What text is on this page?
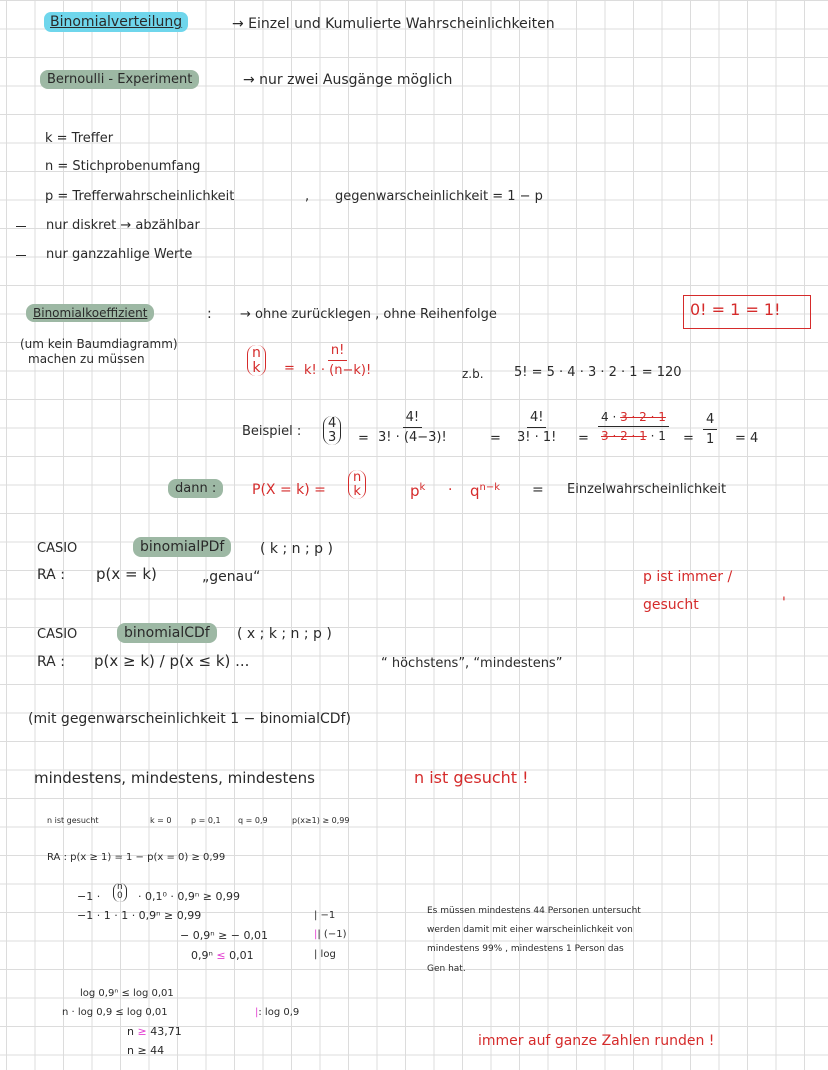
Binomialverteilung	→ Einzel und Kumulierte Wahrscheinlichkeiten
Bernoulli - Experiment	→ nur zwei Ausgänge möglich
k = Treffer
n = Stichprobenumfang
p = Trefferwahrscheinlichkeit	, gegenwarscheinlichkeit = 1 − p
nur diskret → abzählbar
nur ganzzahlige Werte
Binomialkoeffizient	: → ohne zurücklegen , ohne Reihenfolge	0! = 1 = 1!
(um kein Baumdiagramm)
machen zu müssen	n
$k = \frac{n!}{k! \cdot (n-k)!}$	z.b. 5! = 5 · 4 · 3 · 2 · 1 = 120
Beispiel :
4
$3 = \frac{4!}{3! \cdot (4-3)!}$	= $\frac{4!}{3! \cdot 1!} = \frac{4 \cdot 3 \cdot 2 \cdot 1}{3 \cdot 2 \cdot 1 \cdot 1} = \frac{4}{1} = 4$
dann :	P(X = k) =
n
k	$p^k \cdot q^{n-k}$ = Einzelwahrscheinlichkeit
CASIO	binomialPDf	( k ; n ; p )
RA : p(x = k)	„genau“	p ist immer /
gesucht	'
CASIO	binomialCDf	( x ; k ; n ; p )
RA : p(x ≥ k) / p(x ≤ k) ...	“ höchstens”, “mindestens”
(mit gegenwarscheinlichkeit 1 − binomialCDf)
mindestens, mindestens, mindestens	n ist gesucht !
n ist gesucht	k = 0 p = 0,1 q = 0,9	p(x≥1) ≥ 0,99
RA : p(x ≥ 1) = 1 − p(x = 0) ≥ 0,99
−1 ·
n
0 · 0,1⁰ · 0,9ⁿ ≥ 0,99
−1 · 1 · 1 · 0,9ⁿ ≥ 0,99	| −1
− 0,9ⁿ ≥ − 0,01	|| (−1)
0,9ⁿ ≤ 0,01	| log
log 0,9ⁿ ≤ log 0,01
n · log 0,9 ≤ log 0,01	|: log 0,9
n ≥ 43,71
n ≥ 44
Es müssen mindestens 44 Personen untersucht
werden damit mit einer warscheinlichkeit von
mindestens 99% , mindestens 1 Person das
Gen hat.
immer auf ganze Zahlen runden !
